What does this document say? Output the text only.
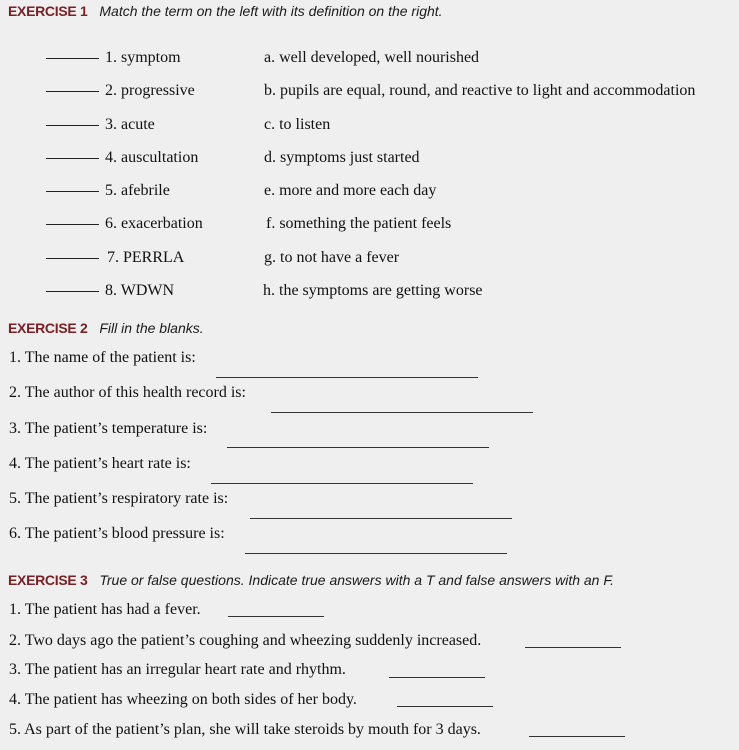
EXERCISE 1 Match the term on the left with its definition on the right.
1. symptom
2. progressive
3. acute
4. auscultation
5. afebrile
6. exacerbation
7. PERRLA
8. WDWN
a. well developed, well nourished
b. pupils are equal, round, and reactive to light and accommodation
c. to listen
d. symptoms just started
e. more and more each day
f. something the patient feels
g. to not have a fever
h. the symptoms are getting worse
EXERCISE 2 Fill in the blanks.
1. The name of the patient is:
2. The author of this health record is:
3. The patient’s temperature is:
4. The patient’s heart rate is:
5. The patient’s respiratory rate is:
6. The patient’s blood pressure is:
EXERCISE 3 True or false questions. Indicate true answers with a T and false answers with an F.
1. The patient has had a fever.
2. Two days ago the patient’s coughing and wheezing suddenly increased.
3. The patient has an irregular heart rate and rhythm.
4. The patient has wheezing on both sides of her body.
5. As part of the patient’s plan, she will take steroids by mouth for 3 days.
